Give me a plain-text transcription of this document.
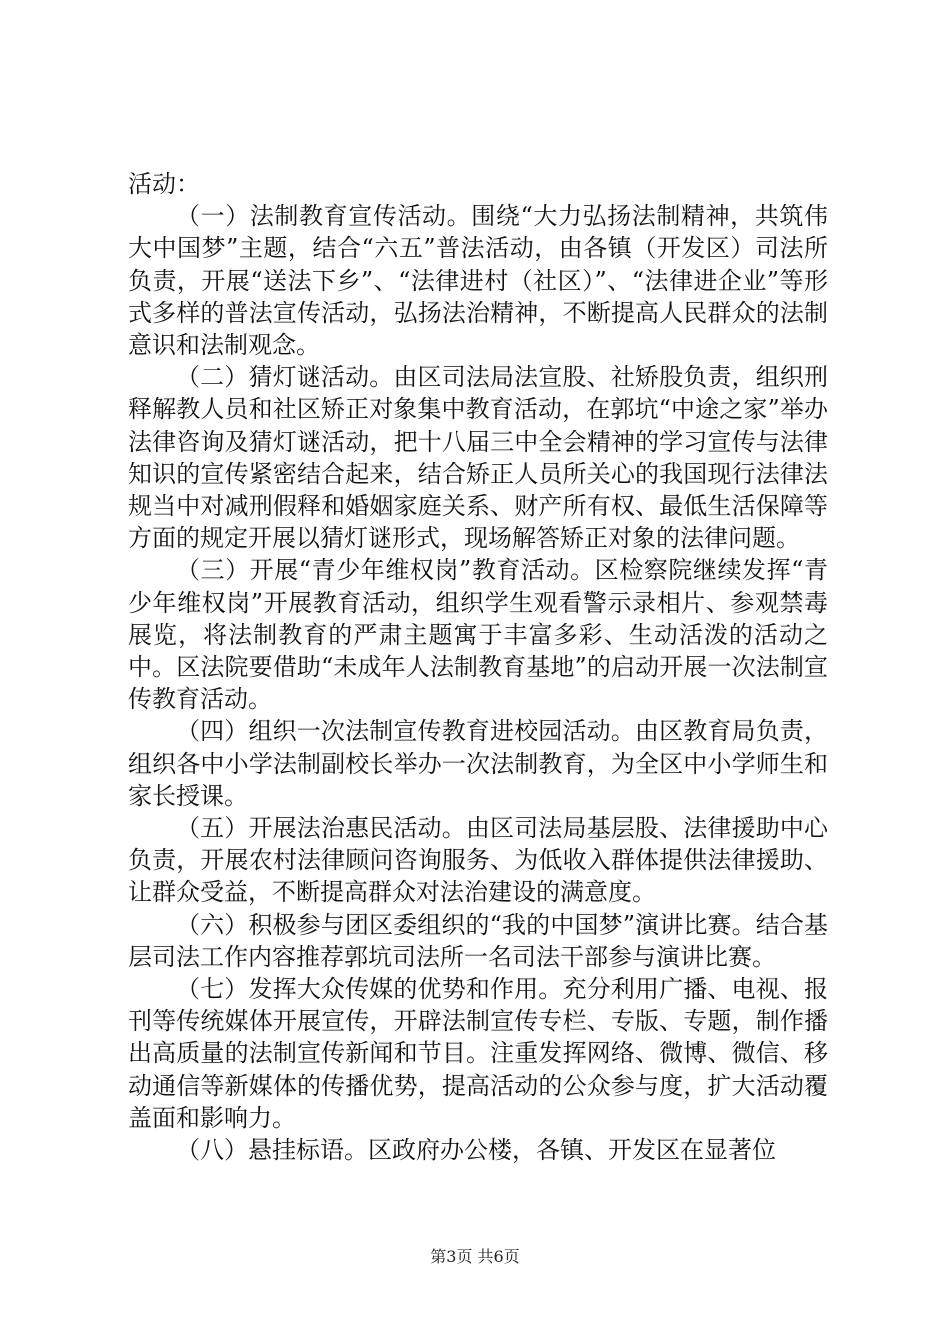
活动：

（一）法制教育宣传活动。围绕“大力弘扬法制精神，共筑伟大中国梦”主题，结合“六五”普法活动，由各镇（开发区）司法所负责，开展“送法下乡”、“法律进村（社区）”、“法律进企业”等形式多样的普法宣传活动，弘扬法治精神，不断提高人民群众的法制意识和法制观念。

（二）猜灯谜活动。由区司法局法宣股、社矫股负责，组织刑释解教人员和社区矫正对象集中教育活动，在郭坑“中途之家”举办法律咨询及猜灯谜活动，把十八届三中全会精神的学习宣传与法律知识的宣传紧密结合起来，结合矫正人员所关心的我国现行法律法规当中对减刑假释和婚姻家庭关系、财产所有权、最低生活保障等方面的规定开展以猜灯谜形式，现场解答矫正对象的法律问题。

（三）开展“青少年维权岗”教育活动。区检察院继续发挥“青少年维权岗”开展教育活动，组织学生观看警示录相片、参观禁毒展览，将法制教育的严肃主题寓于丰富多彩、生动活泼的活动之中。区法院要借助“未成年人法制教育基地”的启动开展一次法制宣传教育活动。

（四）组织一次法制宣传教育进校园活动。由区教育局负责，组织各中小学法制副校长举办一次法制教育，为全区中小学师生和家长授课。

（五）开展法治惠民活动。由区司法局基层股、法律援助中心负责，开展农村法律顾问咨询服务、为低收入群体提供法律援助、让群众受益，不断提高群众对法治建设的满意度。

（六）积极参与团区委组织的“我的中国梦”演讲比赛。结合基层司法工作内容推荐郭坑司法所一名司法干部参与演讲比赛。

（七）发挥大众传媒的优势和作用。充分利用广播、电视、报刊等传统媒体开展宣传，开辟法制宣传专栏、专版、专题，制作播出高质量的法制宣传新闻和节目。注重发挥网络、微博、微信、移动通信等新媒体的传播优势，提高活动的公众参与度，扩大活动覆盖面和影响力。

（八）悬挂标语。区政府办公楼，各镇、开发区在显著位

第3页 共6页
